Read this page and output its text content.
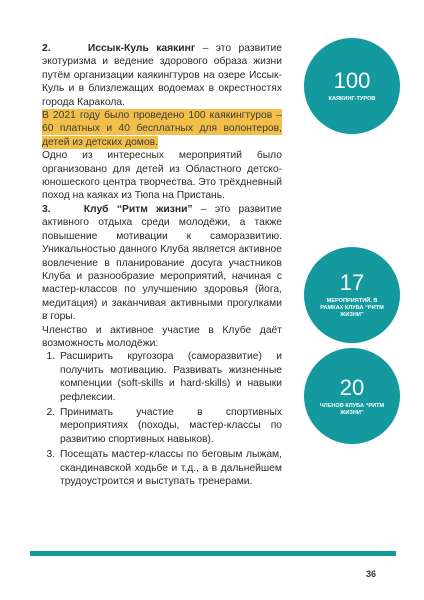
2.	Иссык-Куль каякинг – это развитие экотуризма и ведение здорового образа жизни путём организации каякингтуров на озере Иссык-Куль и в близлежащих водоемах в окрестностях города Каракола.

В 2021 году было проведено 100 каякингтуров – 60 платных и 40 бесплатных для волонтеров, детей из детских домов.

Одно из интересных мероприятий было организовано для детей из Областного детско-юношеского центра творчества. Это трёхдневный поход на каяках из Тюпа на Пристань.

3.	Клуб “Ритм жизни” – это развитие активного отдыха среди молодёжи, а также повышение мотивации к саморазвитию. Уникальностью данного Клуба является активное вовлечение в планирование досуга участников Клуба и разнообразие мероприятий, начиная с мастер-классов по улучшению здоровья (йога, медитация) и заканчивая активными прогулками в горы.

Членство и активное участие в Клубе даёт возможность молодёжи:

1. Расширить кругозора (саморазвитие) и получить мотивацию. Развивать жизненные компенции (soft-skills и hard-skills) и навыки рефлексии.
2. Принимать участие в спортивных мероприятиях (походы, мастер-классы по развитию спортивных навыков).
3. Посещать мастер-классы по беговым лыжам, скандинавской ходьбе и т.д., а в дальнейшем трудоустроится и выступать тренерами.
100
КАЯКИНГ-ТУРОВ
17
МЕРОПРИЯТИЙ, В РАМКАХ КЛУБА “РИТМ ЖИЗНИ”
20
ЧЛЕНОВ КЛУБА “РИТМ ЖИЗНИ”
36
